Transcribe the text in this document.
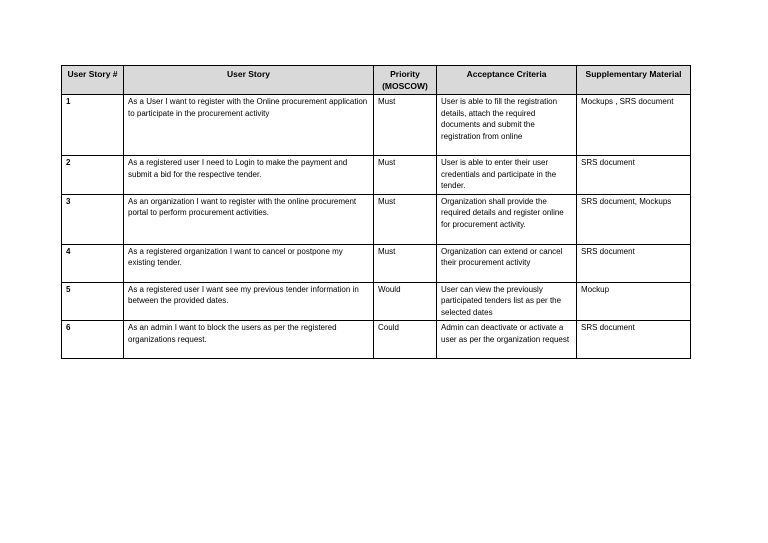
User Story #	User Story	Priority (MOSCOW)	Acceptance Criteria	Supplementary Material
1	As a User I want to register with the Online procurement application to participate in the procurement activity	Must	User is able to fill the registration details, attach the required documents and submit the registration from online	Mockups , SRS document
2	As a registered user I need to Login to make the payment and submit a bid for the respective tender.	Must	User is able to enter their user credentials and participate in the tender.	SRS document
3	As an organization I want to register with the online procurement portal to perform procurement activities.	Must	Organization shall provide the required details and register online for procurement activity.	SRS document, Mockups
4	As a registered organization I want to cancel or postpone my existing tender.	Must	Organization can extend or cancel their procurement activity	SRS document
5	As a registered user I want see my previous tender information in between the provided dates.	Would	User can view the previously participated tenders list as per the selected dates	Mockup
6	As an admin I want to block the users as per the registered organizations request.	Could	Admin can deactivate or activate a user as per the organization request	SRS document
